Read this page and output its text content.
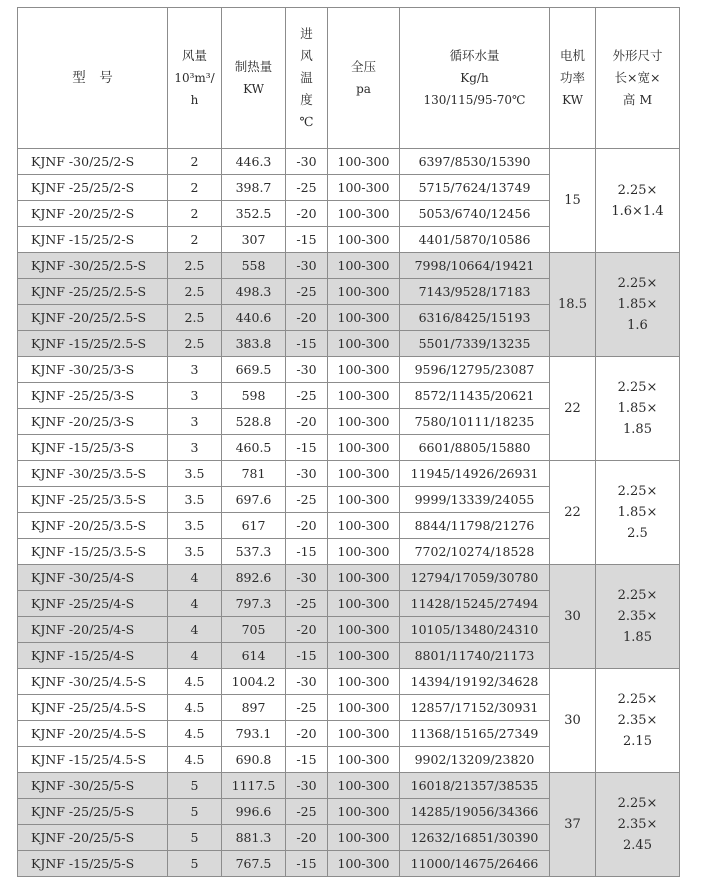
型　号	风量
10³m³/
h	制热量
KW	进
风
温
度
℃	全压
pa	循环水量
Kg/h
130/115/95-70℃	电机
功率
KW	外形尺寸
长×宽×
高 M

KJNF -30/25/2-S	2	446.3	-30	100-300	6397/8530/15390	15	2.25×
1.6×1.4

KJNF -25/25/2-S	2	398.7	-25	100-300	5715/7624/13749		
KJNF -20/25/2-S	2	352.5	-20	100-300	5053/6740/12456		
KJNF -15/25/2-S	2	307	-15	100-300	4401/5870/10586		
KJNF -30/25/2.5-S	2.5	558	-30	100-300	7998/10664/19421	18.5	2.25×
1.85×
1.6

KJNF -25/25/2.5-S	2.5	498.3	-25	100-300	7143/9528/17183		
KJNF -20/25/2.5-S	2.5	440.6	-20	100-300	6316/8425/15193		
KJNF -15/25/2.5-S	2.5	383.8	-15	100-300	5501/7339/13235		
KJNF -30/25/3-S	3	669.5	-30	100-300	9596/12795/23087	22	2.25×
1.85×
1.85

KJNF -25/25/3-S	3	598	-25	100-300	8572/11435/20621		
KJNF -20/25/3-S	3	528.8	-20	100-300	7580/10111/18235		
KJNF -15/25/3-S	3	460.5	-15	100-300	6601/8805/15880		
KJNF -30/25/3.5-S	3.5	781	-30	100-300	11945/14926/26931	22	2.25×
1.85×
2.5

KJNF -25/25/3.5-S	3.5	697.6	-25	100-300	9999/13339/24055		
KJNF -20/25/3.5-S	3.5	617	-20	100-300	8844/11798/21276		
KJNF -15/25/3.5-S	3.5	537.3	-15	100-300	7702/10274/18528		
KJNF -30/25/4-S	4	892.6	-30	100-300	12794/17059/30780	30	2.25×
2.35×
1.85

KJNF -25/25/4-S	4	797.3	-25	100-300	11428/15245/27494		
KJNF -20/25/4-S	4	705	-20	100-300	10105/13480/24310		
KJNF -15/25/4-S	4	614	-15	100-300	8801/11740/21173		
KJNF -30/25/4.5-S	4.5	1004.2	-30	100-300	14394/19192/34628	30	2.25×
2.35×
2.15

KJNF -25/25/4.5-S	4.5	897	-25	100-300	12857/17152/30931		
KJNF -20/25/4.5-S	4.5	793.1	-20	100-300	11368/15165/27349		
KJNF -15/25/4.5-S	4.5	690.8	-15	100-300	9902/13209/23820		
KJNF -30/25/5-S	5	1117.5	-30	100-300	16018/21357/38535	37	2.25×
2.35×
2.45

KJNF -25/25/5-S	5	996.6	-25	100-300	14285/19056/34366		
KJNF -20/25/5-S	5	881.3	-20	100-300	12632/16851/30390		
KJNF -15/25/5-S	5	767.5	-15	100-300	11000/14675/26466		
